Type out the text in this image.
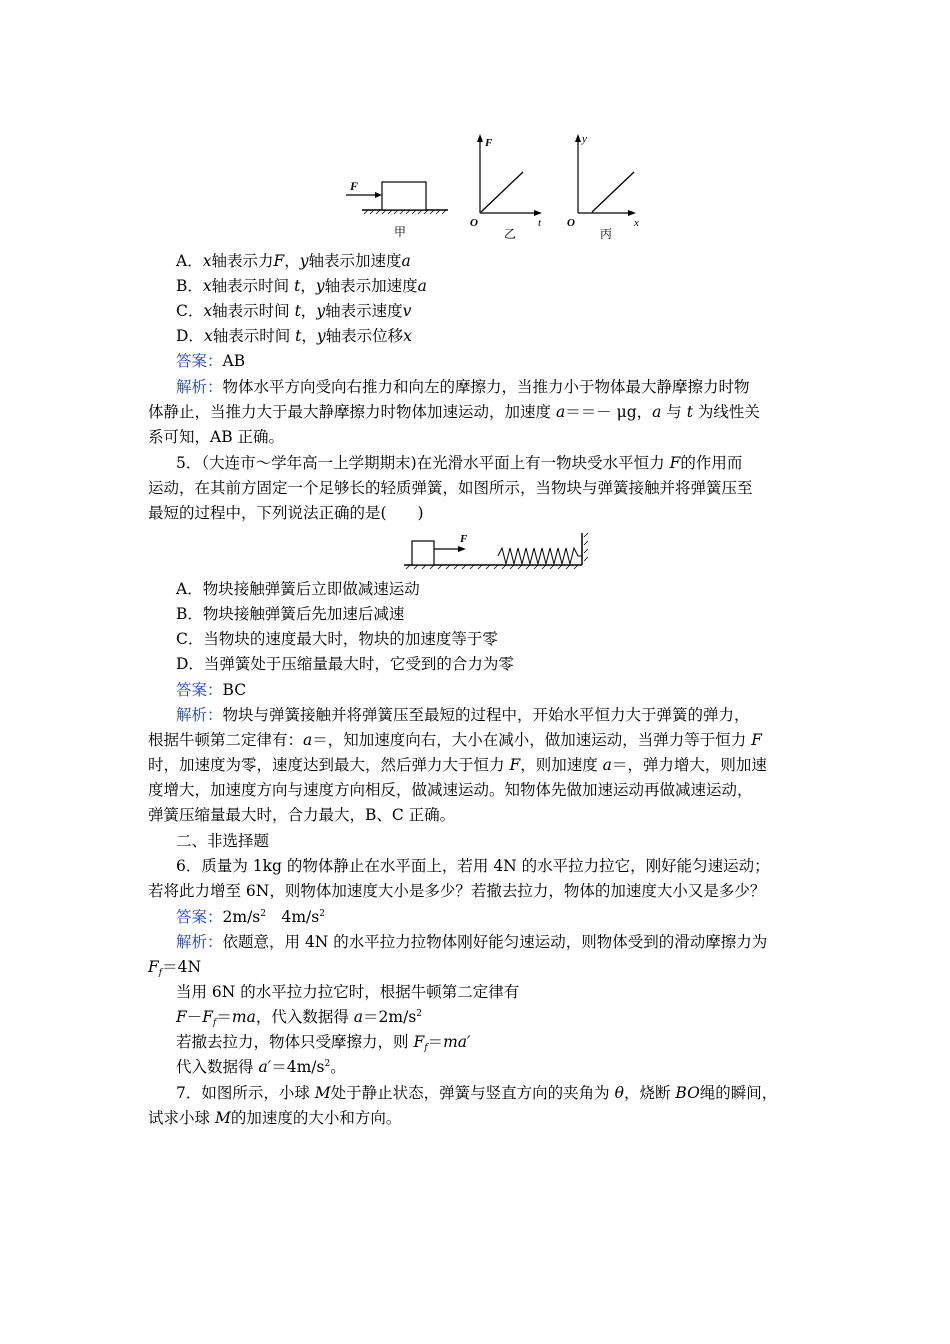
F
甲
F
O	t
乙
y
O	x
丙
A．x轴表示力F，y轴表示加速度a
B．x轴表示时间 t，y轴表示加速度a
C．x轴表示时间 t，y轴表示速度v
D．x轴表示时间 t，y轴表示位移x
答案：AB
解析：物体水平方向受向右推力和向左的摩擦力，当推力小于物体最大静摩擦力时物
体静止，当推力大于最大静摩擦力时物体加速运动，加速度 a＝＝－ μg，a 与 t 为线性关
系可知，AB 正确。
5．（大连市～学年高一上学期期末)在光滑水平面上有一物块受水平恒力 F的作用而
运动，在其前方固定一个足够长的轻质弹簧，如图所示，当物块与弹簧接触并将弹簧压至
最短的过程中，下列说法正确的是(　　)
F
A．物块接触弹簧后立即做减速运动
B．物块接触弹簧后先加速后减速
C．当物块的速度最大时，物块的加速度等于零
D．当弹簧处于压缩量最大时，它受到的合力为零
答案：BC
解析：物块与弹簧接触并将弹簧压至最短的过程中，开始水平恒力大于弹簧的弹力，
根据牛顿第二定律有：a＝，知加速度向右，大小在减小，做加速运动，当弹力等于恒力 F
时，加速度为零，速度达到最大，然后弹力大于恒力 F，则加速度 a＝，弹力增大，则加速
度增大，加速度方向与速度方向相反，做减速运动。知物体先做加速运动再做减速运动，
弹簧压缩量最大时，合力最大，B、C 正确。
二、非选择题
6．质量为 1kg 的物体静止在水平面上，若用 4N 的水平拉力拉它，刚好能匀速运动；
若将此力增至 6N，则物体加速度大小是多少？若撤去拉力，物体的加速度大小又是多少？
答案：$2m/s^2$　$4m/s^2$
解析：依题意，用 4N 的水平拉力拉物体刚好能匀速运动，则物体受到的滑动摩擦力为
$F_f=4N$
当用 6N 的水平拉力拉它时，根据牛顿第二定律有
$F-F_f=ma$，代入数据得 $a=2m/s^2$
若撤去拉力，物体只受摩擦力，则 $F_f=ma'$
代入数据得 $a'=4m/s^2$。
7．如图所示，小球 M处于静止状态，弹簧与竖直方向的夹角为 θ，烧断 BO绳的瞬间，
试求小球 M的加速度的大小和方向。
